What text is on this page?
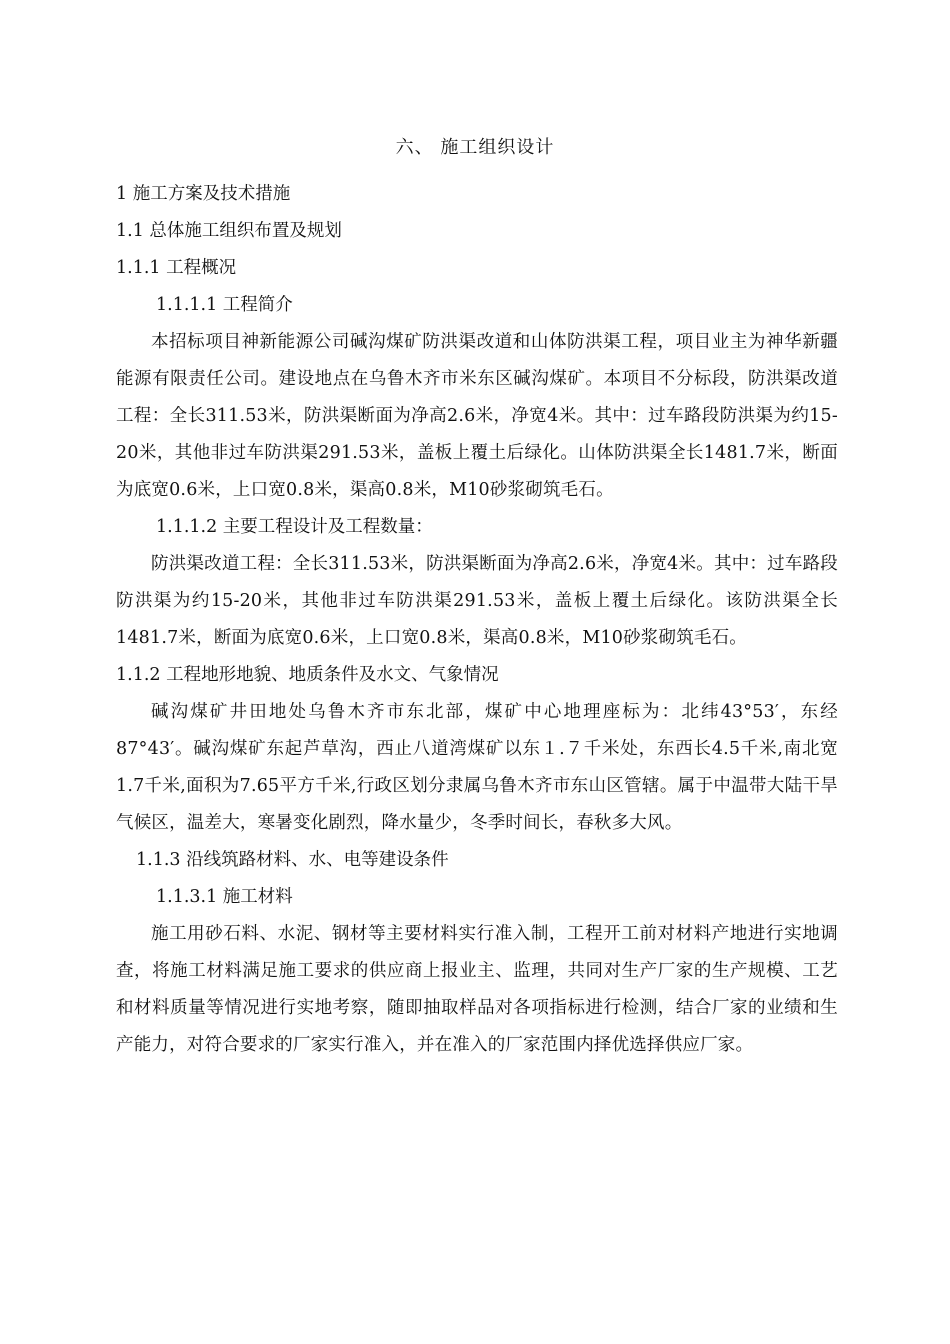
六、 施工组织设计

1 施工方案及技术措施

1.1 总体施工组织布置及规划

1.1.1 工程概况

1.1.1.1 工程简介

本招标项目神新能源公司碱沟煤矿防洪渠改道和山体防洪渠工程，项目业主为神华新疆能源有限责任公司。建设地点在乌鲁木齐市米东区碱沟煤矿。本项目不分标段，防洪渠改道工程：全长311.53米，防洪渠断面为净高2.6米，净宽4米。其中：过车路段防洪渠为约15-20米，其他非过车防洪渠291.53米，盖板上覆土后绿化。山体防洪渠全长1481.7米，断面为底宽0.6米，上口宽0.8米，渠高0.8米，M10砂浆砌筑毛石。

1.1.1.2 主要工程设计及工程数量：

防洪渠改道工程：全长311.53米，防洪渠断面为净高2.6米，净宽4米。其中：过车路段防洪渠为约15-20米，其他非过车防洪渠291.53米，盖板上覆土后绿化。该防洪渠全长1481.7米，断面为底宽0.6米，上口宽0.8米，渠高0.8米，M10砂浆砌筑毛石。

1.1.2 工程地形地貌、地质条件及水文、气象情况

碱沟煤矿井田地处乌鲁木齐市东北部，煤矿中心地理座标为：北纬43°53′，东经87°43′。碱沟煤矿东起芦草沟，西止八道湾煤矿以东１.７千米处，东西长4.5千米,南北宽1.7千米,面积为7.65平方千米,行政区划分隶属乌鲁木齐市东山区管辖。属于中温带大陆干旱气候区，温差大，寒暑变化剧烈，降水量少，冬季时间长，春秋多大风。

1.1.3 沿线筑路材料、水、电等建设条件

1.1.3.1 施工材料

施工用砂石料、水泥、钢材等主要材料实行准入制，工程开工前对材料产地进行实地调查，将施工材料满足施工要求的供应商上报业主、监理，共同对生产厂家的生产规模、工艺和材料质量等情况进行实地考察，随即抽取样品对各项指标进行检测，结合厂家的业绩和生产能力，对符合要求的厂家实行准入，并在准入的厂家范围内择优选择供应厂家。
